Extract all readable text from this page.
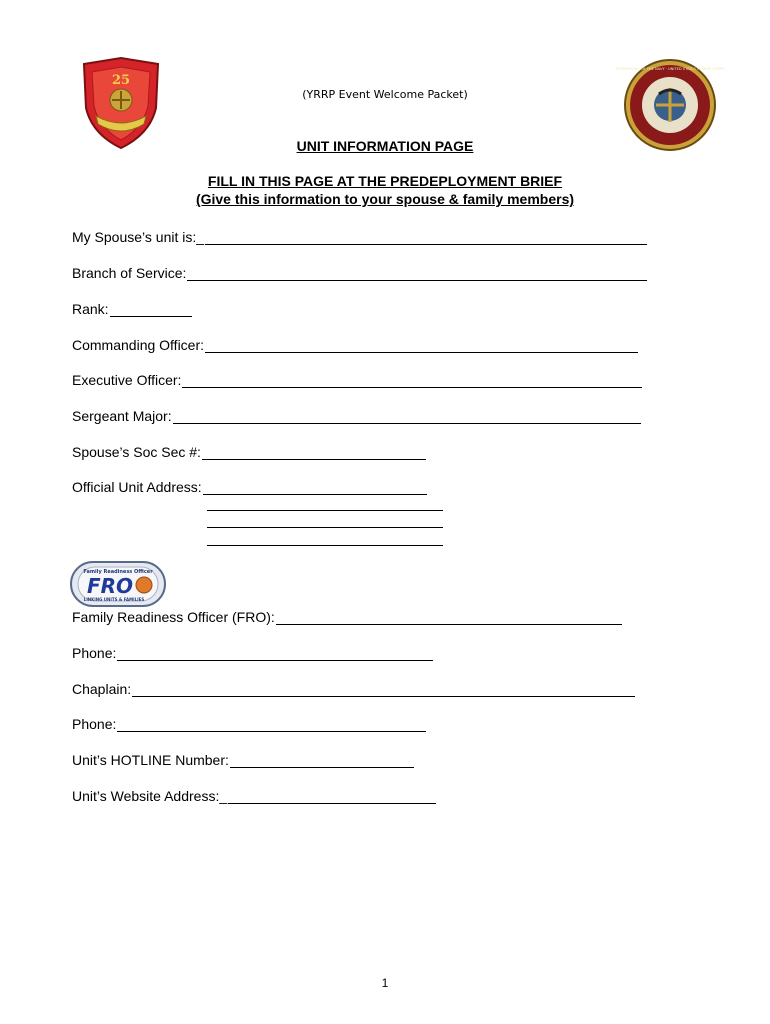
25
DEPARTMENT OF THE NAVY · UNITED STATES MARINE CORPS
(YRRP Event Welcome Packet)
UNIT INFORMATION PAGE
FILL IN THIS PAGE AT THE PREDEPLOYMENT BRIEF
(Give this information to your spouse & family members)
My Spouse’s unit is:_
Branch of Service:
Rank:
Commanding Officer:
Executive Officer:
Sergeant Major:
Spouse’s Soc Sec #:
Official Unit Address:
Family Readiness Officer
FRO
LINKING UNITS & FAMILIES
Family Readiness Officer (FRO):
Phone:
Chaplain:
Phone:
Unit’s HOTLINE Number:
Unit’s Website Address:_
1
